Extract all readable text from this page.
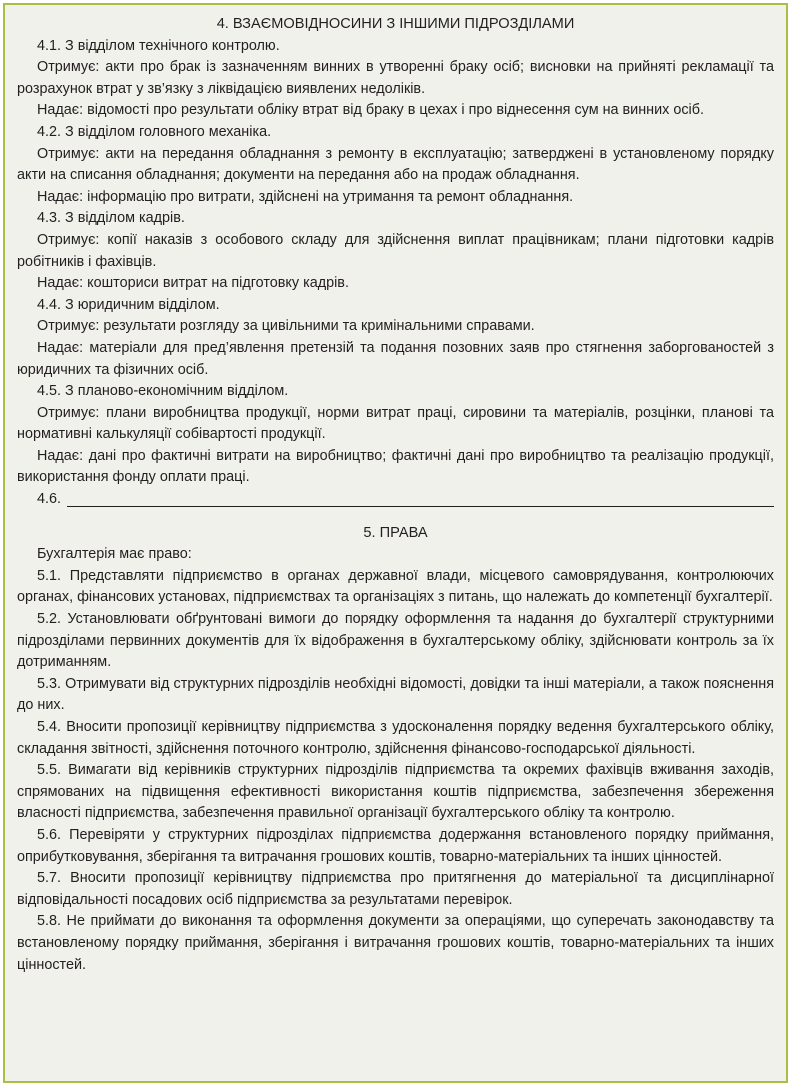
4. ВЗАЄМОВІДНОСИНИ З ІНШИМИ ПІДРОЗДІЛАМИ

4.1. З відділом технічного контролю.

Отримує: акти про брак із зазначенням винних в утворенні браку осіб; висновки на прийняті рекламації та розрахунок втрат у зв’язку з ліквідацією виявлених недоліків.

Надає: відомості про результати обліку втрат від браку в цехах і про віднесення сум на винних осіб.

4.2. З відділом головного механіка.

Отримує: акти на передання обладнання з ремонту в експлуатацію; затверджені в установленому порядку акти на списання обладнання; документи на передання або на продаж обладнання.

Надає: інформацію про витрати, здійснені на утримання та ремонт обладнання.

4.3. З відділом кадрів.

Отримує: копії наказів з особового складу для здійснення виплат працівникам; плани підготовки кадрів робітників і фахівців.

Надає: кошториси витрат на підготовку кадрів.

4.4. З юридичним відділом.

Отримує: результати розгляду за цивільними та кримінальними справами.

Надає: матеріали для пред’явлення претензій та подання позовних заяв про стягнення заборгованостей з юридичних та фізичних осіб.

4.5. З планово-економічним відділом.

Отримує: плани виробництва продукції, норми витрат праці, сировини та матеріалів, розцінки, планові та нормативні калькуляції собівартості продукції.

Надає: дані про фактичні витрати на виробництво; фактичні дані про виробництво та реалізацію продукції, використання фонду оплати праці.

4.6.
5. ПРАВА

Бухгалтерія має право:

5.1. Представляти підприємство в органах державної влади, місцевого самоврядування, контролюючих органах, фінансових установах, підприємствах та організаціях з питань, що належать до компетенції бухгалтерії.

5.2. Установлювати обґрунтовані вимоги до порядку оформлення та надання до бухгалтерії структурними підрозділами первинних документів для їх відображення в бухгалтерському обліку, здійснювати контроль за їх дотриманням.

5.3. Отримувати від структурних підрозділів необхідні відомості, довідки та інші матеріали, а також пояснення до них.

5.4. Вносити пропозиції керівництву підприємства з удосконалення порядку ведення бухгалтерського обліку, складання звітності, здійснення поточного контролю, здійснення фінансово-господарської діяльності.

5.5. Вимагати від керівників структурних підрозділів підприємства та окремих фахівців вживання заходів, спрямованих на підвищення ефективності використання коштів підприємства, забезпечення збереження власності підприємства, забезпечення правильної організації бухгалтерського обліку та контролю.

5.6. Перевіряти у структурних підрозділах підприємства додержання встановленого порядку приймання, оприбутковування, зберігання та витрачання грошових коштів, товарно-матеріальних та інших цінностей.

5.7. Вносити пропозиції керівництву підприємства про притягнення до матеріальної та дисциплінарної відповідальності посадових осіб підприємства за результатами перевірок.

5.8. Не приймати до виконання та оформлення документи за операціями, що суперечать законодавству та встановленому порядку приймання, зберігання і витрачання грошових коштів, товарно-матеріальних та інших цінностей.
